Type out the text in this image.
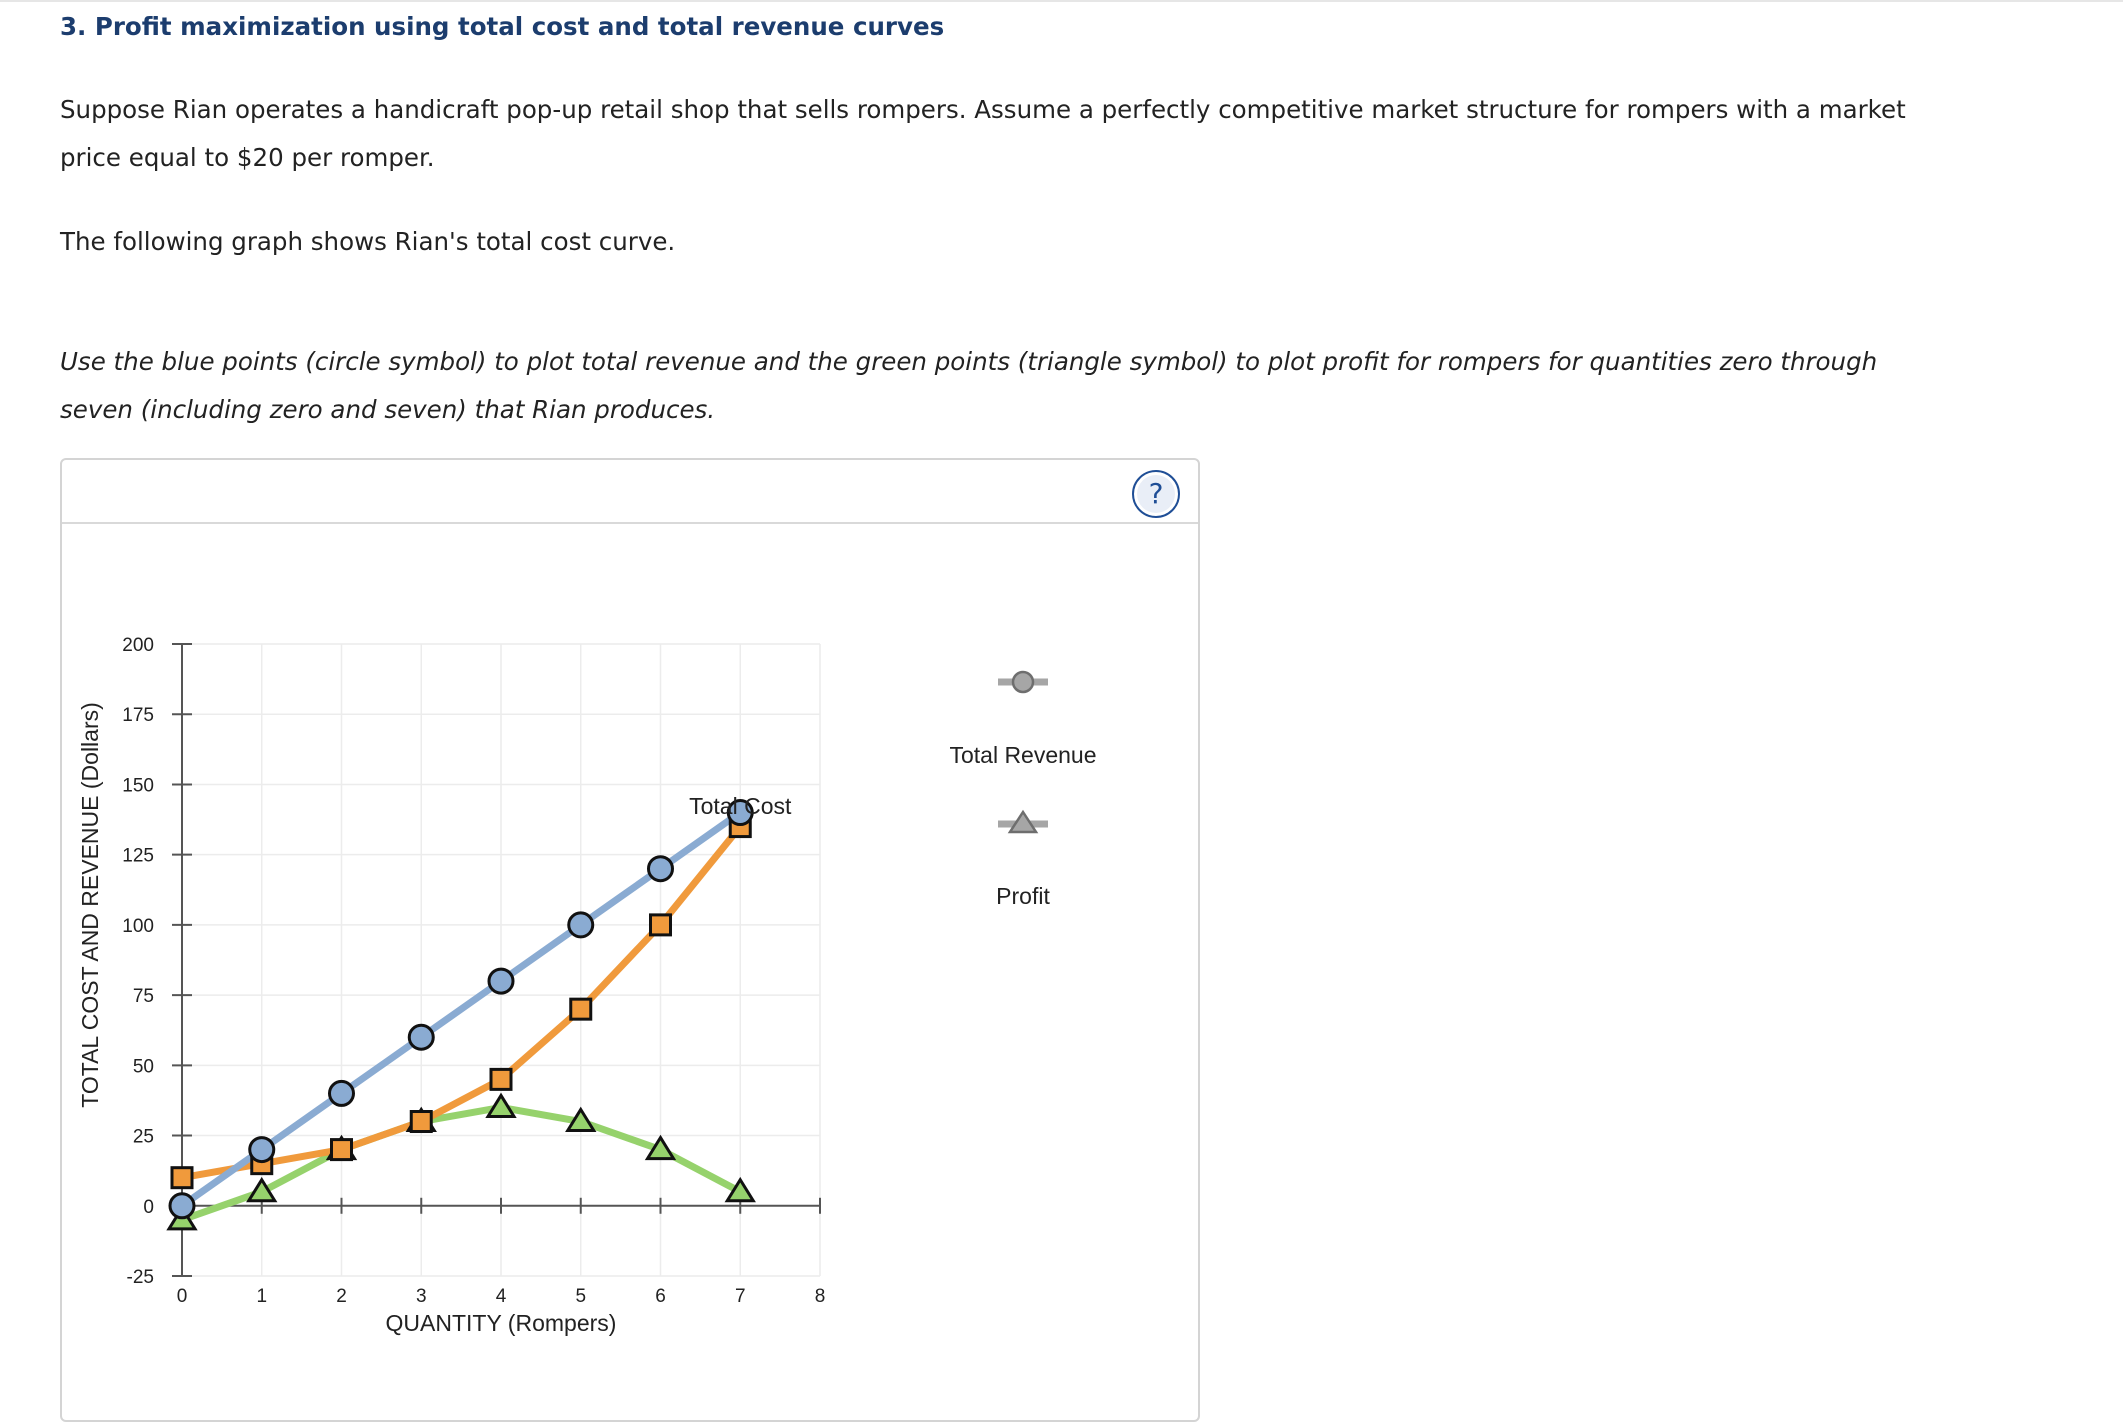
3. Profit maximization using total cost and total revenue curves

Suppose Rian operates a handicraft pop-up retail shop that sells rompers. Assume a perfectly competitive market structure for rompers with a market price equal to $20 per romper.

The following graph shows Rian's total cost curve.

Use the blue points (circle symbol) to plot total revenue and the green points (triangle symbol) to plot profit for rompers for quantities zero through seven (including zero and seven) that Rian produces.

?
-25
0
25
50
75
100
125
150
175
200
0	1	2	3	4	5	6	7	8
QUANTITY (Rompers)
TOTAL COST AND REVENUE (Dollars)	Total Cost
Total Revenue
Profit
